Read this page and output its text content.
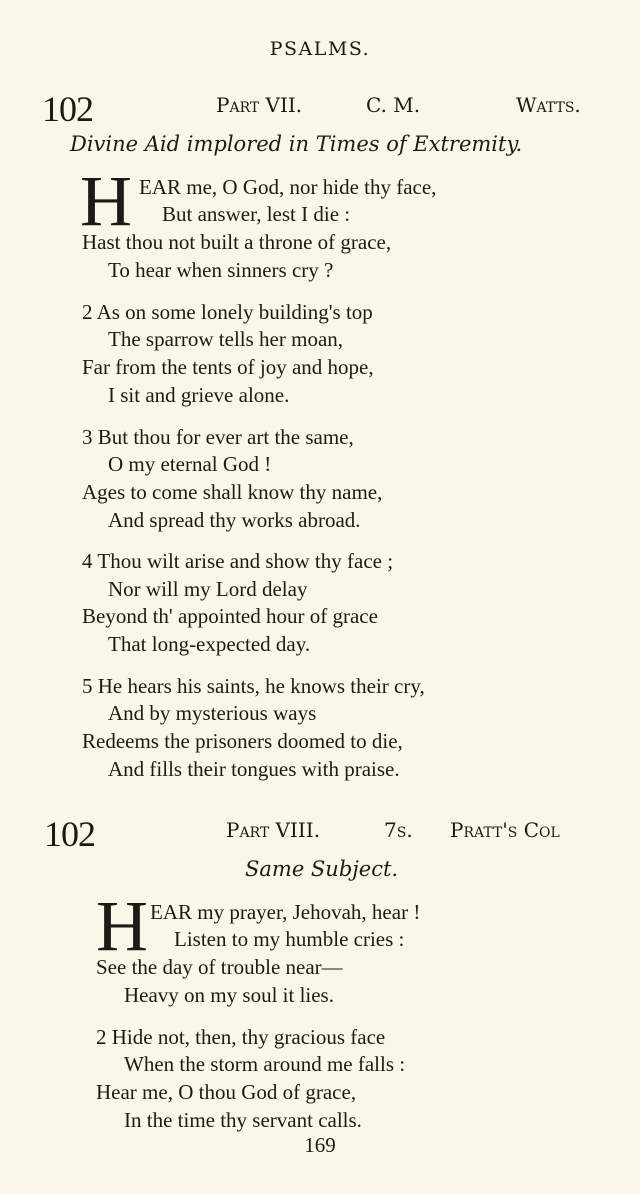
PSALMS.
102	Part VII.	C. M.	Watts.
Divine Aid implored in Times of Extremity.
H EAR me, O God, nor hide thy face,
But answer, lest I die :
Hast thou not built a throne of grace,
To hear when sinners cry ?
2 As on some lonely building's top
The sparrow tells her moan,
Far from the tents of joy and hope,
I sit and grieve alone.
3 But thou for ever art the same,
O my eternal God !
Ages to come shall know thy name,
And spread thy works abroad.
4 Thou wilt arise and show thy face ;
Nor will my Lord delay
Beyond th' appointed hour of grace
That long-expected day.
5 He hears his saints, he knows their cry,
And by mysterious ways
Redeems the prisoners doomed to die,
And fills their tongues with praise.
102	Part VIII.	7s. Pratt's Col
Same Subject.
H EAR my prayer, Jehovah, hear !
Listen to my humble cries :
See the day of trouble near—
Heavy on my soul it lies.
2 Hide not, then, thy gracious face
When the storm around me falls :
Hear me, O thou God of grace,
In the time thy servant calls.
169
